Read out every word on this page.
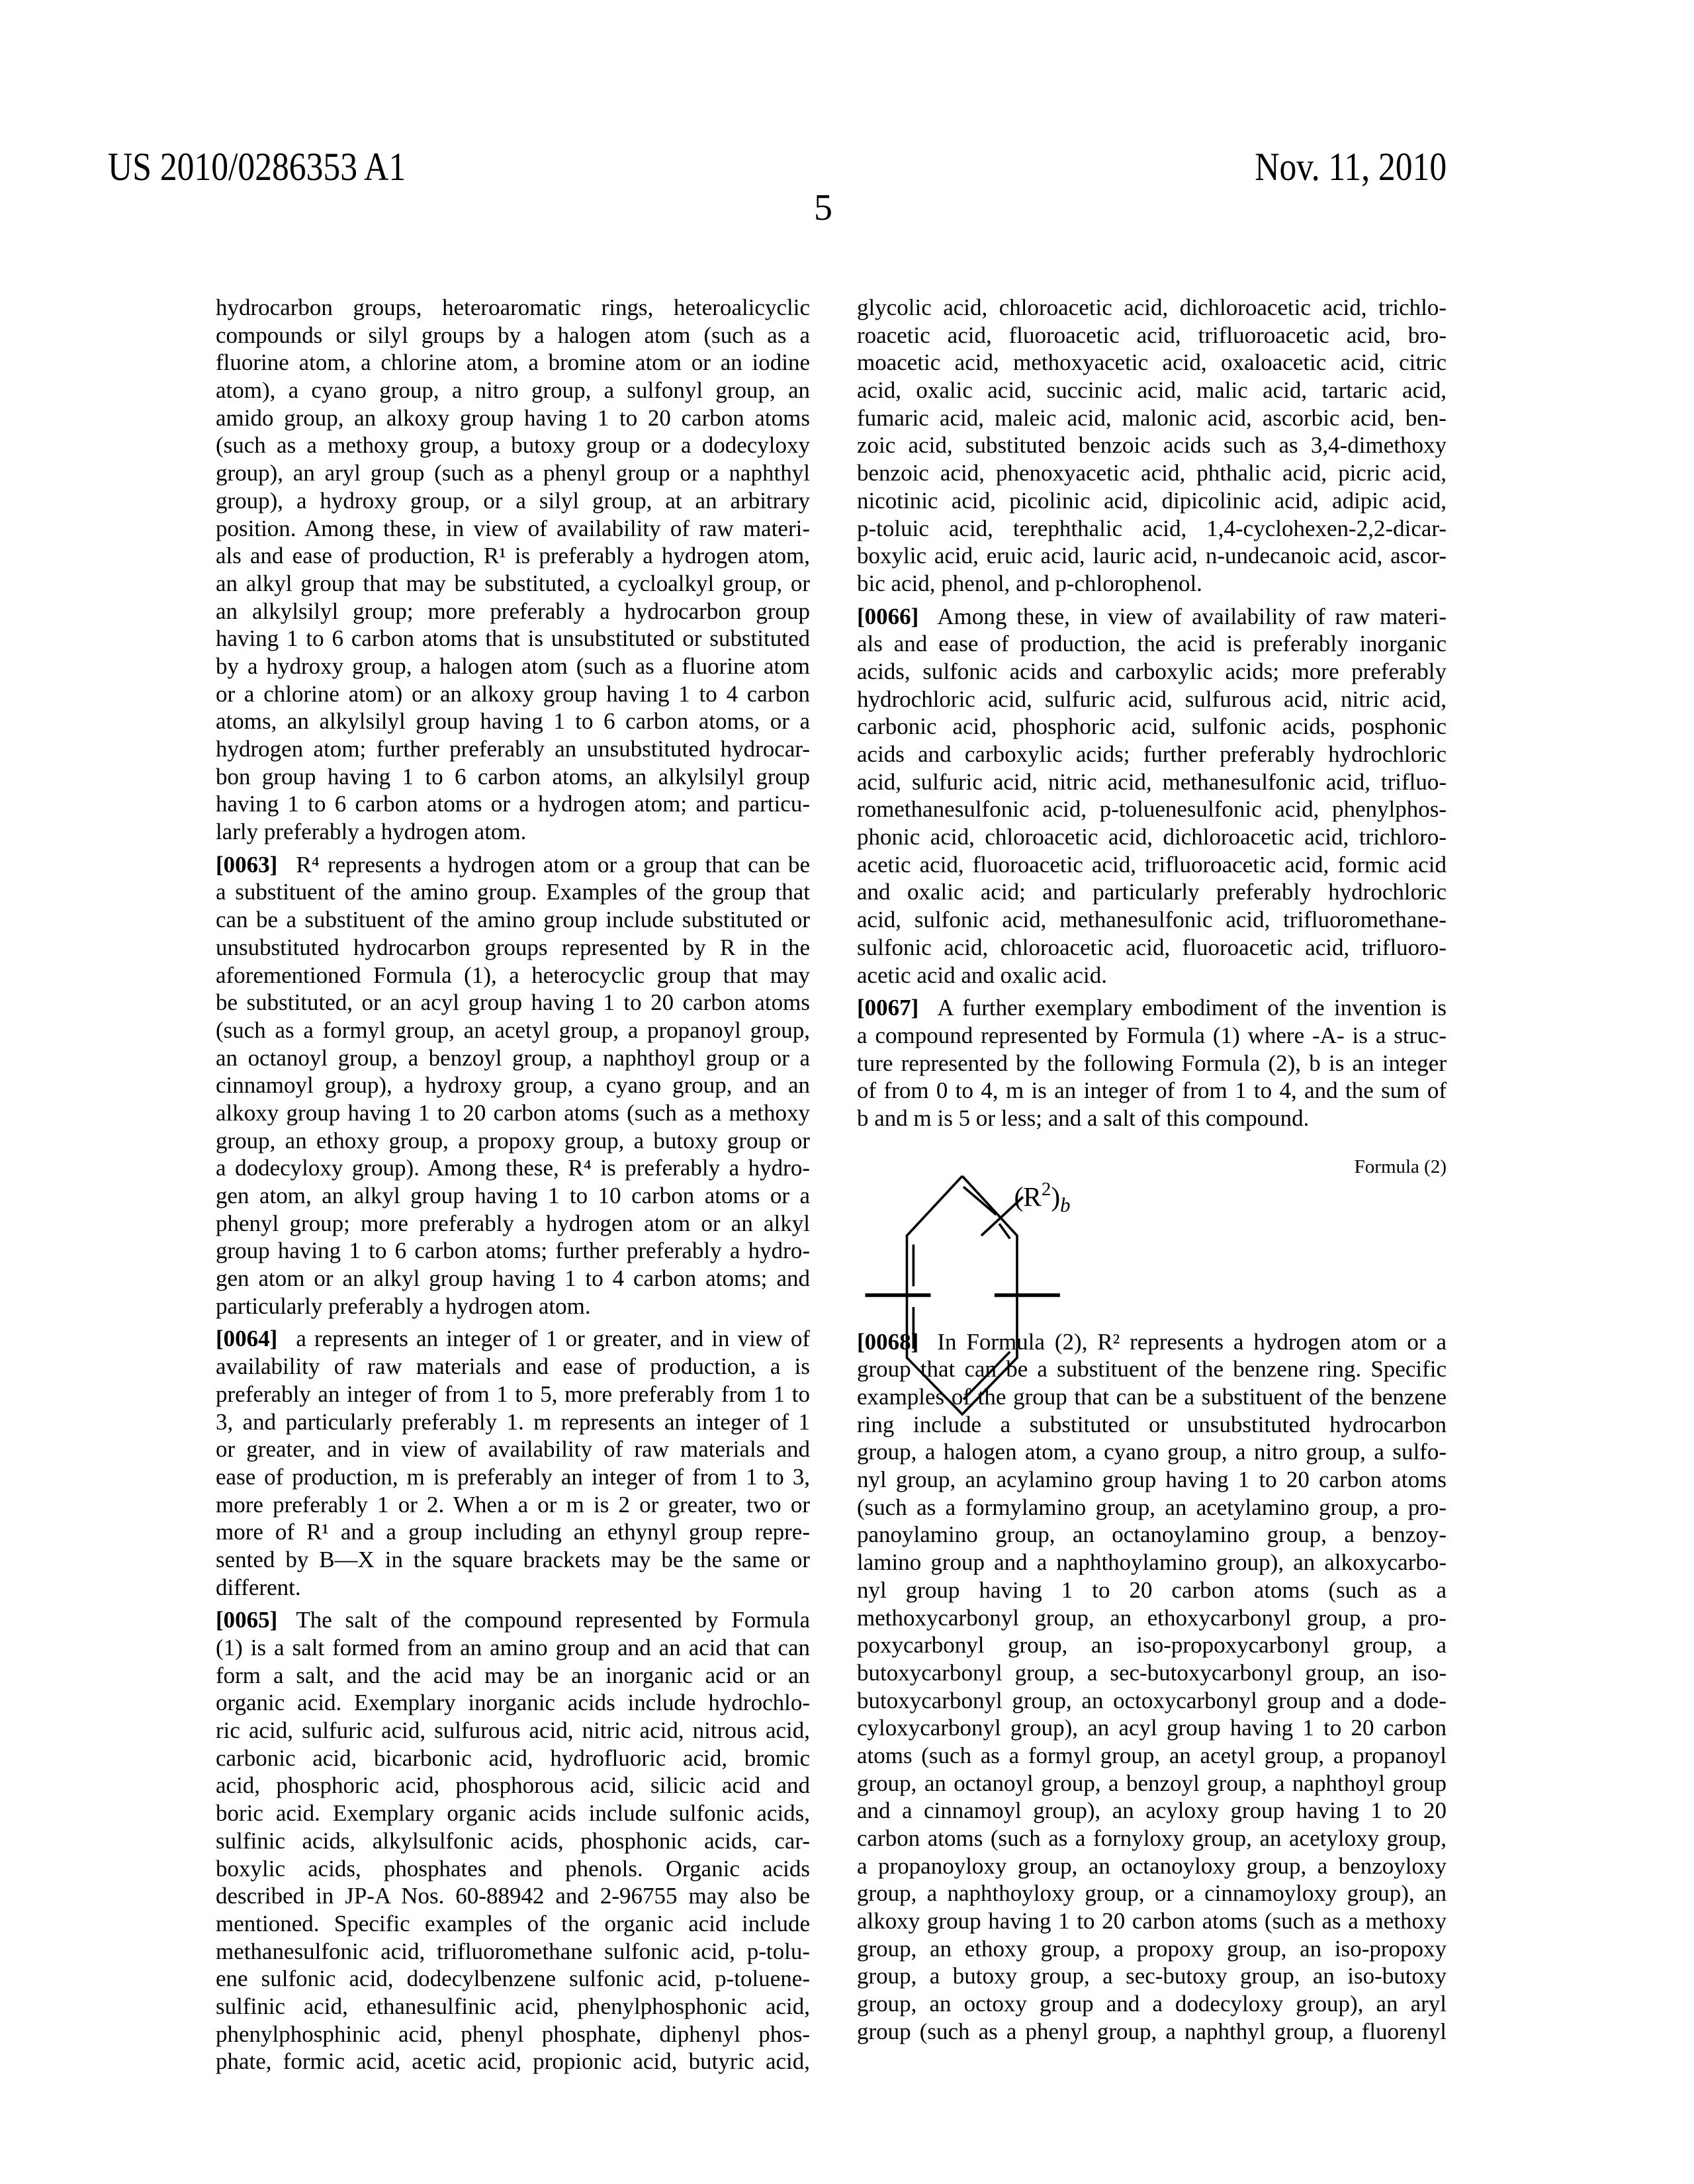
US 2010/0286353 A1	Nov. 11, 2010
5
hydrocarbon groups, heteroaromatic rings, heteroalicyclic
compounds or silyl groups by a halogen atom (such as a
fluorine atom, a chlorine atom, a bromine atom or an iodine
atom), a cyano group, a nitro group, a sulfonyl group, an
amido group, an alkoxy group having 1 to 20 carbon atoms
(such as a methoxy group, a butoxy group or a dodecyloxy
group), an aryl group (such as a phenyl group or a naphthyl
group), a hydroxy group, or a silyl group, at an arbitrary
position. Among these, in view of availability of raw materi-
als and ease of production, R¹ is preferably a hydrogen atom,
an alkyl group that may be substituted, a cycloalkyl group, or
an alkylsilyl group; more preferably a hydrocarbon group
having 1 to 6 carbon atoms that is unsubstituted or substituted
by a hydroxy group, a halogen atom (such as a fluorine atom
or a chlorine atom) or an alkoxy group having 1 to 4 carbon
atoms, an alkylsilyl group having 1 to 6 carbon atoms, or a
hydrogen atom; further preferably an unsubstituted hydrocar-
bon group having 1 to 6 carbon atoms, an alkylsilyl group
having 1 to 6 carbon atoms or a hydrogen atom; and particu-
larly preferably a hydrogen atom.
[0063] R⁴ represents a hydrogen atom or a group that can be
a substituent of the amino group. Examples of the group that
can be a substituent of the amino group include substituted or
unsubstituted hydrocarbon groups represented by R in the
aforementioned Formula (1), a heterocyclic group that may
be substituted, or an acyl group having 1 to 20 carbon atoms
(such as a formyl group, an acetyl group, a propanoyl group,
an octanoyl group, a benzoyl group, a naphthoyl group or a
cinnamoyl group), a hydroxy group, a cyano group, and an
alkoxy group having 1 to 20 carbon atoms (such as a methoxy
group, an ethoxy group, a propoxy group, a butoxy group or
a dodecyloxy group). Among these, R⁴ is preferably a hydro-
gen atom, an alkyl group having 1 to 10 carbon atoms or a
phenyl group; more preferably a hydrogen atom or an alkyl
group having 1 to 6 carbon atoms; further preferably a hydro-
gen atom or an alkyl group having 1 to 4 carbon atoms; and
particularly preferably a hydrogen atom.
[0064] a represents an integer of 1 or greater, and in view of
availability of raw materials and ease of production, a is
preferably an integer of from 1 to 5, more preferably from 1 to
3, and particularly preferably 1. m represents an integer of 1
or greater, and in view of availability of raw materials and
ease of production, m is preferably an integer of from 1 to 3,
more preferably 1 or 2. When a or m is 2 or greater, two or
more of R¹ and a group including an ethynyl group repre-
sented by B—X in the square brackets may be the same or
different.
[0065] The salt of the compound represented by Formula
(1) is a salt formed from an amino group and an acid that can
form a salt, and the acid may be an inorganic acid or an
organic acid. Exemplary inorganic acids include hydrochlo-
ric acid, sulfuric acid, sulfurous acid, nitric acid, nitrous acid,
carbonic acid, bicarbonic acid, hydrofluoric acid, bromic
acid, phosphoric acid, phosphorous acid, silicic acid and
boric acid. Exemplary organic acids include sulfonic acids,
sulfinic acids, alkylsulfonic acids, phosphonic acids, car-
boxylic acids, phosphates and phenols. Organic acids
described in JP-A Nos. 60-88942 and 2-96755 may also be
mentioned. Specific examples of the organic acid include
methanesulfonic acid, trifluoromethane sulfonic acid, p-tolu-
ene sulfonic acid, dodecylbenzene sulfonic acid, p-toluene-
sulfinic acid, ethanesulfinic acid, phenylphosphonic acid,
phenylphosphinic acid, phenyl phosphate, diphenyl phos-
phate, formic acid, acetic acid, propionic acid, butyric acid,
glycolic acid, chloroacetic acid, dichloroacetic acid, trichlo-
roacetic acid, fluoroacetic acid, trifluoroacetic acid, bro-
moacetic acid, methoxyacetic acid, oxaloacetic acid, citric
acid, oxalic acid, succinic acid, malic acid, tartaric acid,
fumaric acid, maleic acid, malonic acid, ascorbic acid, ben-
zoic acid, substituted benzoic acids such as 3,4-dimethoxy
benzoic acid, phenoxyacetic acid, phthalic acid, picric acid,
nicotinic acid, picolinic acid, dipicolinic acid, adipic acid,
p-toluic acid, terephthalic acid, 1,4-cyclohexen-2,2-dicar-
boxylic acid, eruic acid, lauric acid, n-undecanoic acid, ascor-
bic acid, phenol, and p-chlorophenol.
[0066] Among these, in view of availability of raw materi-
als and ease of production, the acid is preferably inorganic
acids, sulfonic acids and carboxylic acids; more preferably
hydrochloric acid, sulfuric acid, sulfurous acid, nitric acid,
carbonic acid, phosphoric acid, sulfonic acids, posphonic
acids and carboxylic acids; further preferably hydrochloric
acid, sulfuric acid, nitric acid, methanesulfonic acid, trifluo-
romethanesulfonic acid, p-toluenesulfonic acid, phenylphos-
phonic acid, chloroacetic acid, dichloroacetic acid, trichloro-
acetic acid, fluoroacetic acid, trifluoroacetic acid, formic acid
and oxalic acid; and particularly preferably hydrochloric
acid, sulfonic acid, methanesulfonic acid, trifluoromethane-
sulfonic acid, chloroacetic acid, fluoroacetic acid, trifluoro-
acetic acid and oxalic acid.
[0067] A further exemplary embodiment of the invention is
a compound represented by Formula (1) where -A- is a struc-
ture represented by the following Formula (2), b is an integer
of from 0 to 4, m is an integer of from 1 to 4, and the sum of
b and m is 5 or less; and a salt of this compound.
Formula (2)
(R2)b
[0068] In Formula (2), R² represents a hydrogen atom or a
group that can be a substituent of the benzene ring. Specific
examples of the group that can be a substituent of the benzene
ring include a substituted or unsubstituted hydrocarbon
group, a halogen atom, a cyano group, a nitro group, a sulfo-
nyl group, an acylamino group having 1 to 20 carbon atoms
(such as a formylamino group, an acetylamino group, a pro-
panoylamino group, an octanoylamino group, a benzoy-
lamino group and a naphthoylamino group), an alkoxycarbo-
nyl group having 1 to 20 carbon atoms (such as a
methoxycarbonyl group, an ethoxycarbonyl group, a pro-
poxycarbonyl group, an iso-propoxycarbonyl group, a
butoxycarbonyl group, a sec-butoxycarbonyl group, an iso-
butoxycarbonyl group, an octoxycarbonyl group and a dode-
cyloxycarbonyl group), an acyl group having 1 to 20 carbon
atoms (such as a formyl group, an acetyl group, a propanoyl
group, an octanoyl group, a benzoyl group, a naphthoyl group
and a cinnamoyl group), an acyloxy group having 1 to 20
carbon atoms (such as a fornyloxy group, an acetyloxy group,
a propanoyloxy group, an octanoyloxy group, a benzoyloxy
group, a naphthoyloxy group, or a cinnamoyloxy group), an
alkoxy group having 1 to 20 carbon atoms (such as a methoxy
group, an ethoxy group, a propoxy group, an iso-propoxy
group, a butoxy group, a sec-butoxy group, an iso-butoxy
group, an octoxy group and a dodecyloxy group), an aryl
group (such as a phenyl group, a naphthyl group, a fluorenyl
